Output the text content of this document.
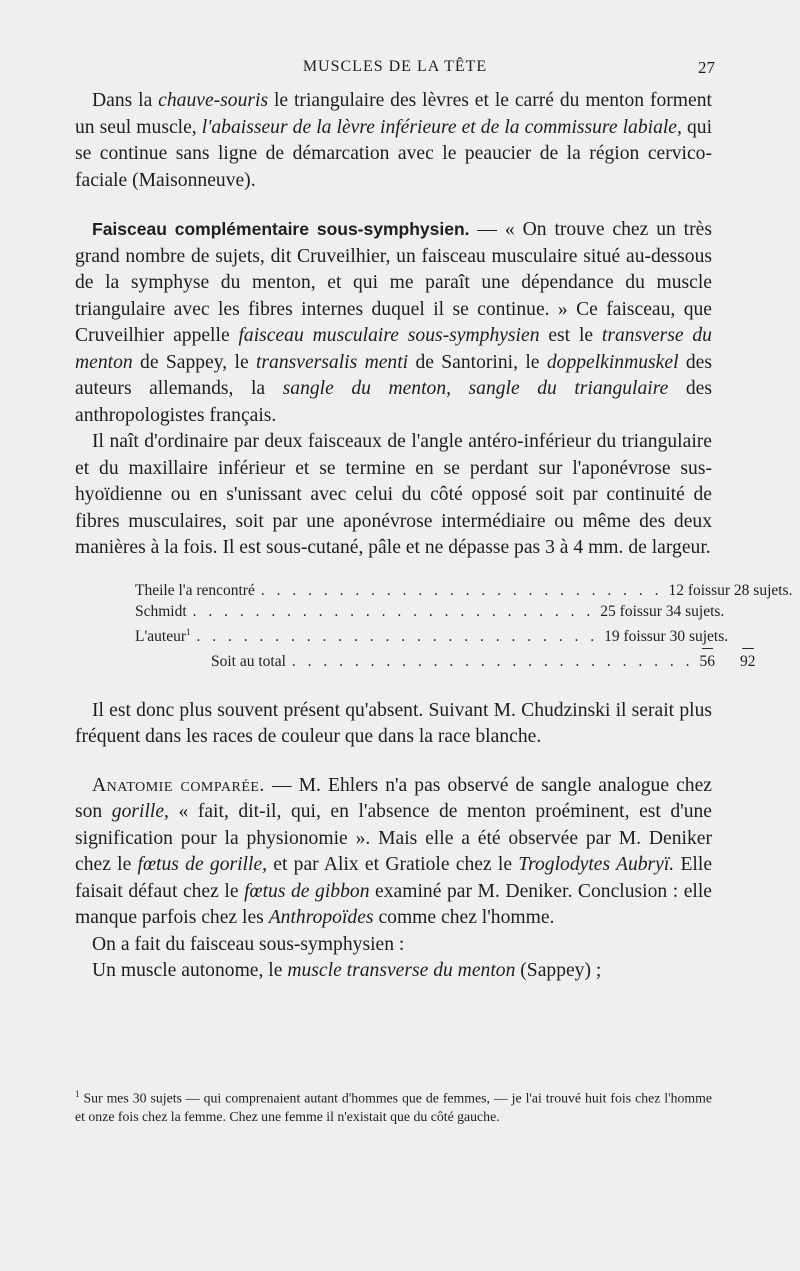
MUSCLES DE LA TÊTE	27

Dans la chauve-souris le triangulaire des lèvres et le carré du menton forment un seul muscle, l'abaisseur de la lèvre inférieure et de la commissure labiale, qui se continue sans ligne de démarcation avec le peaucier de la région cervico-faciale (Maisonneuve).

Faisceau complémentaire sous-symphysien. — « On trouve chez un très grand nombre de sujets, dit Cruveilhier, un faisceau musculaire situé au-dessous de la symphyse du menton, et qui me paraît une dépendance du muscle triangulaire avec les fibres internes duquel il se continue. » Ce faisceau, que Cruveilhier appelle faisceau musculaire sous-symphysien est le transverse du menton de Sappey, le transversalis menti de Santorini, le doppelkinmuskel des auteurs allemands, la sangle du menton, sangle du triangulaire des anthropologistes français.

Il naît d'ordinaire par deux faisceaux de l'angle antéro-inférieur du triangulaire et du maxillaire inférieur et se termine en se perdant sur l'aponévrose sus-hyoïdienne ou en s'unissant avec celui du côté opposé soit par continuité de fibres musculaires, soit par une aponévrose intermédiaire ou même des deux manières à la fois. Il est sous-cutané, pâle et ne dépasse pas 3 à 4 mm. de largeur.

Theile l'a rencontré . . . . . . . . . . . . . . . . . . . . . . . . . . 12 fois sur 28 sujets.
Schmidt . . . . . . . . . . . . . . . . . . . . . . . . . . 25 fois sur 34 sujets.
L'auteur$^1$ . . . . . . . . . . . . . . . . . . . . . . . . . . 19 fois sur 30 sujets.
Soit au total . . . . . . . . . . . . . . . . . . . . . . . . . . 56 92

Il est donc plus souvent présent qu'absent. Suivant M. Chudzinski il serait plus fréquent dans les races de couleur que dans la race blanche.

Anatomie comparée. — M. Ehlers n'a pas observé de sangle analogue chez son gorille, « fait, dit-il, qui, en l'absence de menton proéminent, est d'une signification pour la physionomie ». Mais elle a été observée par M. Deniker chez le fœtus de gorille, et par Alix et Gratiole chez le Troglodytes Aubryï. Elle faisait défaut chez le fœtus de gibbon examiné par M. Deniker. Conclusion : elle manque parfois chez les Anthropoïdes comme chez l'homme.

On a fait du faisceau sous-symphysien :

Un muscle autonome, le muscle transverse du menton (Sappey) ;

$^1$ Sur mes 30 sujets — qui comprenaient autant d'hommes que de femmes, — je l'ai trouvé huit fois chez l'homme et onze fois chez la femme. Chez une femme il n'existait que du côté gauche.
